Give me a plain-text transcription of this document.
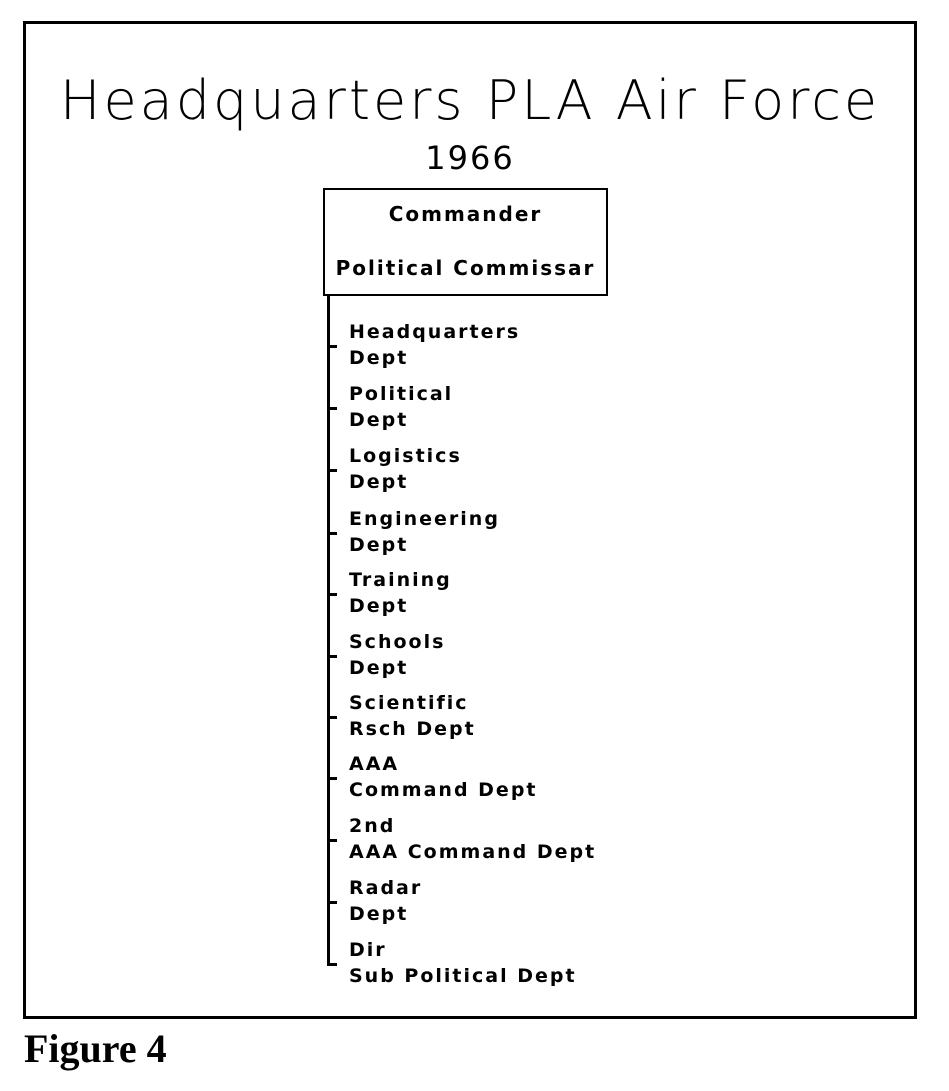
Headquarters PLA Air Force
1966
Commander
Political Commissar
Headquarters
Dept
Political
Dept
Logistics
Dept
Engineering
Dept
Training
Dept
Schools
Dept
Scientific
Rsch Dept
AAA
Command Dept
2nd
AAA Command Dept
Radar
Dept
Dir
Sub Political Dept
Figure 4
